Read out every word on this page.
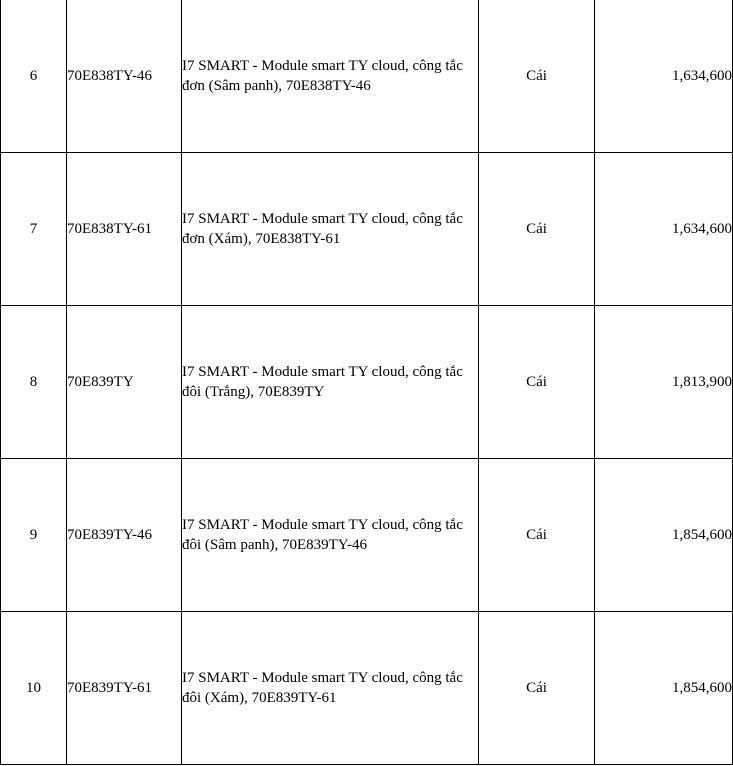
6	70E838TY-46	I7 SMART - Module smart TY cloud, công tắc đơn (Sâm panh), 70E838TY-46	Cái	1,634,600
7	70E838TY-61	I7 SMART - Module smart TY cloud, công tắc đơn (Xám), 70E838TY-61	Cái	1,634,600
8	70E839TY	I7 SMART - Module smart TY cloud, công tắc đôi (Trắng), 70E839TY	Cái	1,813,900
9	70E839TY-46	I7 SMART - Module smart TY cloud, công tắc đôi (Sâm panh), 70E839TY-46	Cái	1,854,600
10	70E839TY-61	I7 SMART - Module smart TY cloud, công tắc đôi (Xám), 70E839TY-61	Cái	1,854,600
